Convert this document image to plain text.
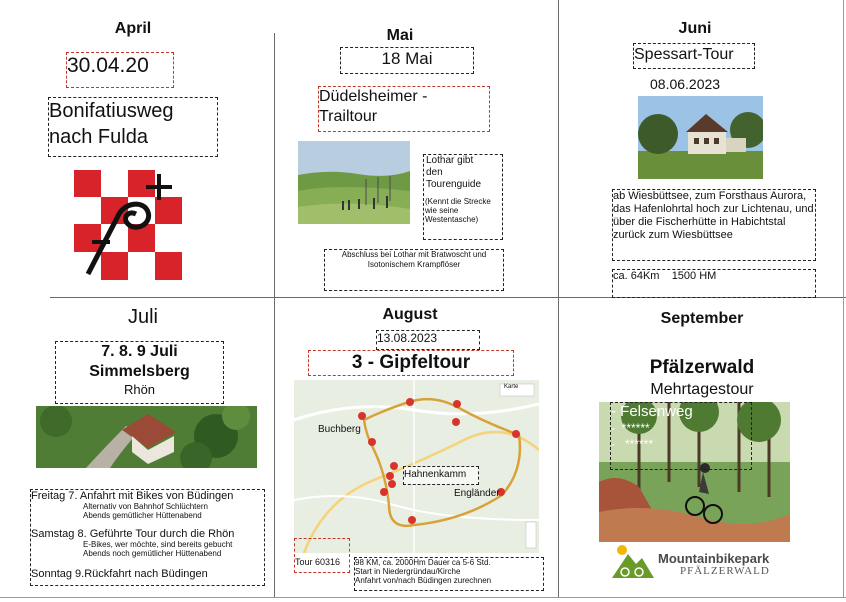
April
30.04.20
Bonifatiusweg nach Fulda
Mai
18 Mai
Düdelsheimer - Trailtour
Lothar gibt den Tourenguide
(Kennt die Strecke wie seine Westentasche)
Abschluss bei Lothar mit Bratwoscht und Isotonischem Krampflöser
Juni
Spessart-Tour
08.06.2023
ab Wiesbüttsee, zum Forsthaus Aurora, das Hafenlohrtal hoch zur Lichtenau, und über die Fischerhütte in Habichtstal zurück zum Wiesbüttsee
ca. 64Km    1500 HM
Juli
7. 8. 9 Juli
Simmelsberg
Rhön
Freitag 7. Anfahrt mit Bikes von Büdingen
Alternativ von Bahnhof Schlüchtern
Abends gemütlicher Hüttenabend
Samstag 8. Geführte Tour durch die Rhön
E-Bikes, wer möchte, sind bereits gebucht
Abends noch gemütlicher Hüttenabend
Sonntag 9.Rückfahrt nach Büdingen
August
13.08.2023
3 - Gipfeltour
Karte
Buchberg
Engländer
Hahnenkamm
Tour 60316	98 KM, ca. 2000Hm Dauer ca 5-6 Std.
Start in Niedergründau/Kirche
Anfahrt von/nach Büdingen zurechnen
September
Pfälzerwald
Mehrtagestour
- Felsenweg
-  ******
-   ******
Mountainbikepark
PFÄLZERWALD
